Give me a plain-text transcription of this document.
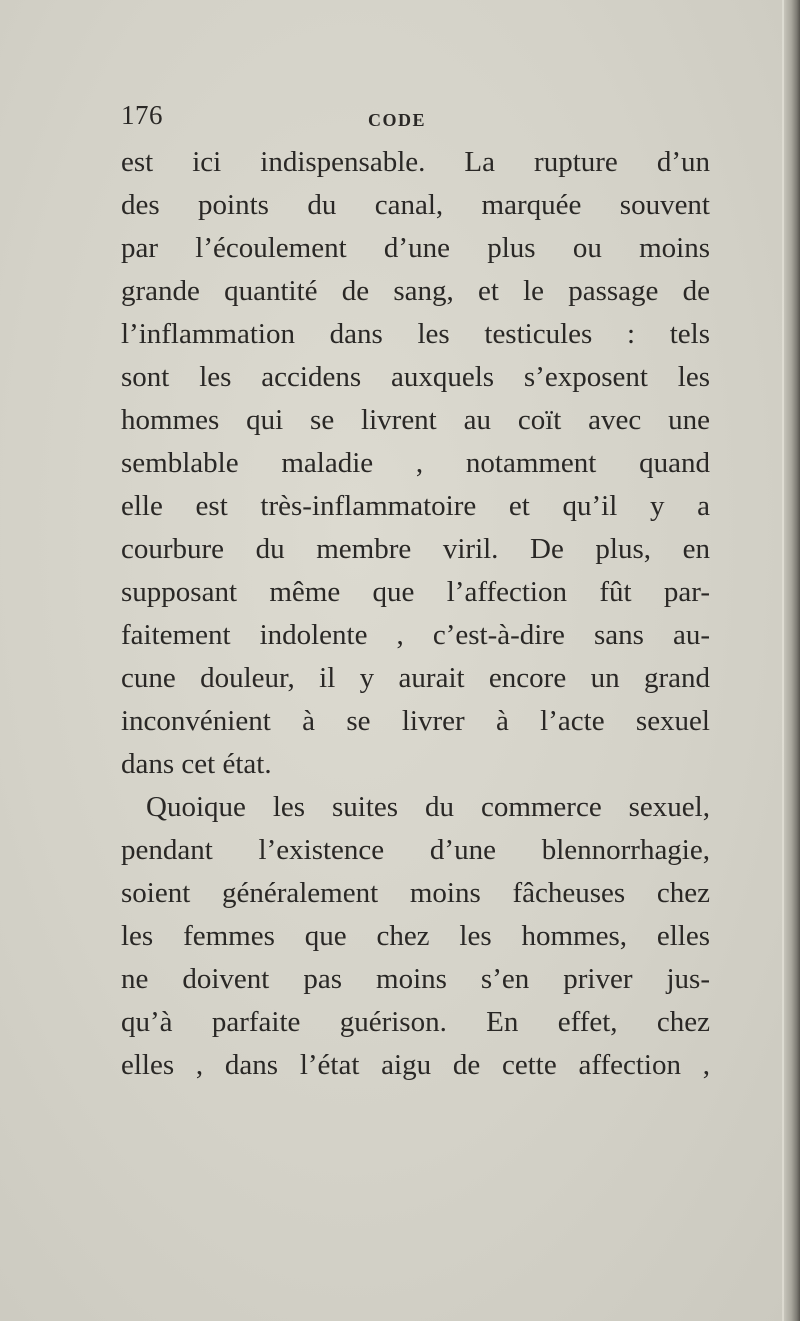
176	CODE
est ici indispensable. La rupture d’un
des points du canal, marquée souvent
par l’écoulement d’une plus ou moins
grande quantité de sang, et le passage de
l’inflammation dans les testicules : tels
sont les accidens auxquels s’exposent les
hommes qui se livrent au coït avec une
semblable maladie , notamment quand
elle est très-inflammatoire et qu’il y a
courbure du membre viril. De plus, en
supposant même que l’affection fût par-
faitement indolente , c’est-à-dire sans au-
cune douleur, il y aurait encore un grand
inconvénient à se livrer à l’acte sexuel
dans cet état.
Quoique les suites du commerce sexuel,
pendant l’existence d’une blennorrhagie,
soient généralement moins fâcheuses chez
les femmes que chez les hommes, elles
ne doivent pas moins s’en priver jus-
qu’à parfaite guérison. En effet, chez
elles , dans l’état aigu de cette affection ,
